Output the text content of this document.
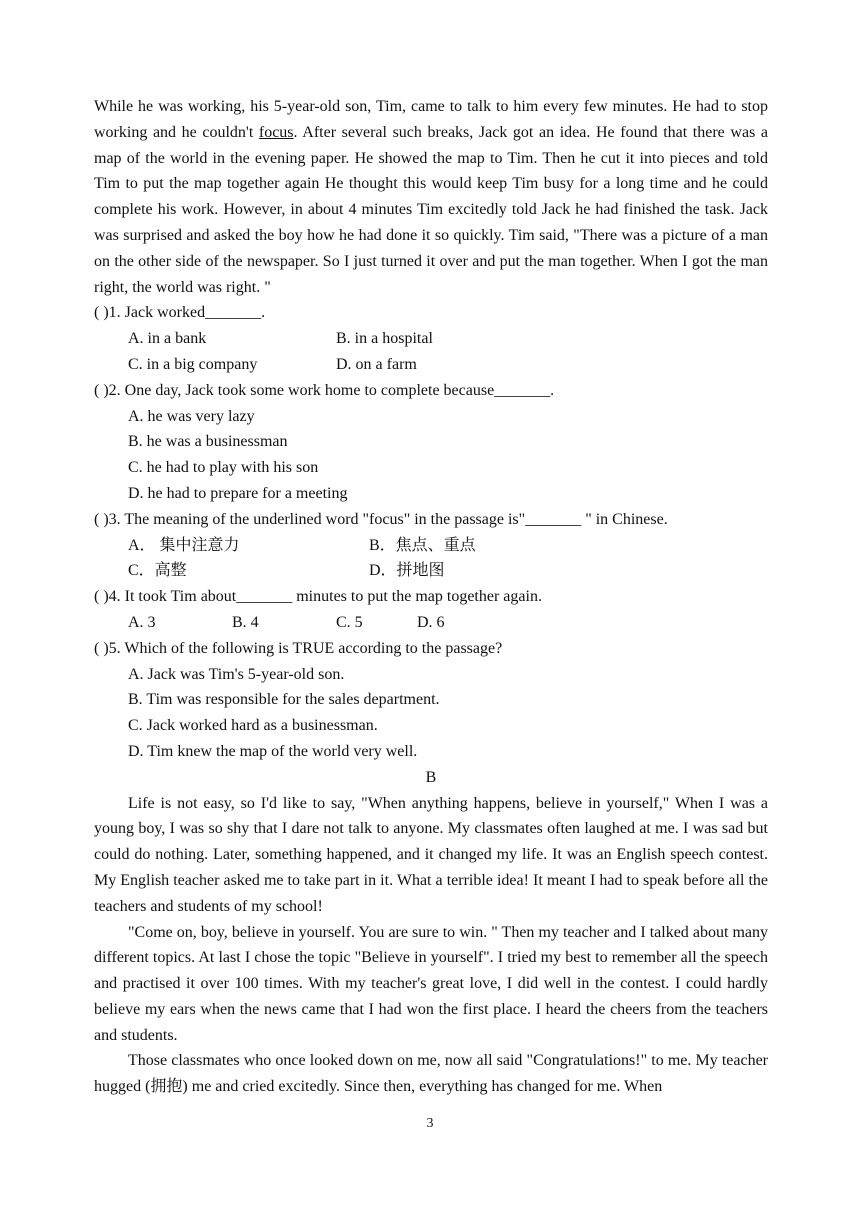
While he was working, his 5-year-old son, Tim, came to talk to him every few minutes. He had to stop working and he couldn't focus. After several such breaks, Jack got an idea. He found that there was a map of the world in the evening paper. He showed the map to Tim. Then he cut it into pieces and told Tim to put the map together again He thought this would keep Tim busy for a long time and he could complete his work. However, in about 4 minutes Tim excitedly told Jack he had finished the task. Jack was surprised and asked the boy how he had done it so quickly. Tim said, "There was a picture of a man on the other side of the newspaper. So I just turned it over and put the man together. When I got the man right, the world was right. "

( )1. Jack worked_______.

A. in a bank	B. in a hospital
C. in a big company	D. on a farm

( )2. One day, Jack took some work home to complete because_______.

A. he was very lazy

B. he was a businessman

C. he had to play with his son

D. he had to prepare for a meeting

( )3. The meaning of the underlined word "focus" in the passage is"_______ " in Chinese.

A． 集中注意力	B．焦点、重点
C．高整	D．拼地图

( )4. It took Tim about_______ minutes to put the map together again.

A. 3	B. 4	C. 5	D. 6

( )5. Which of the following is TRUE according to the passage?

A. Jack was Tim's 5-year-old son.

B. Tim was responsible for the sales department.

C. Jack worked hard as a businessman.

D. Tim knew the map of the world very well.

B

Life is not easy, so I'd like to say, "When anything happens, believe in yourself," When I was a young boy, I was so shy that I dare not talk to anyone. My classmates often laughed at me. I was sad but could do nothing. Later, something happened, and it changed my life. It was an English speech contest. My English teacher asked me to take part in it. What a terrible idea! It meant I had to speak before all the teachers and students of my school!

"Come on, boy, believe in yourself. You are sure to win. " Then my teacher and I talked about many different topics. At last I chose the topic "Believe in yourself". I tried my best to remember all the speech and practised it over 100 times. With my teacher's great love, I did well in the contest. I could hardly believe my ears when the news came that I had won the first place. I heard the cheers from the teachers and students.

Those classmates who once looked down on me, now all said "Congratulations!" to me. My teacher hugged (拥抱) me and cried excitedly. Since then, everything has changed for me. When

3
